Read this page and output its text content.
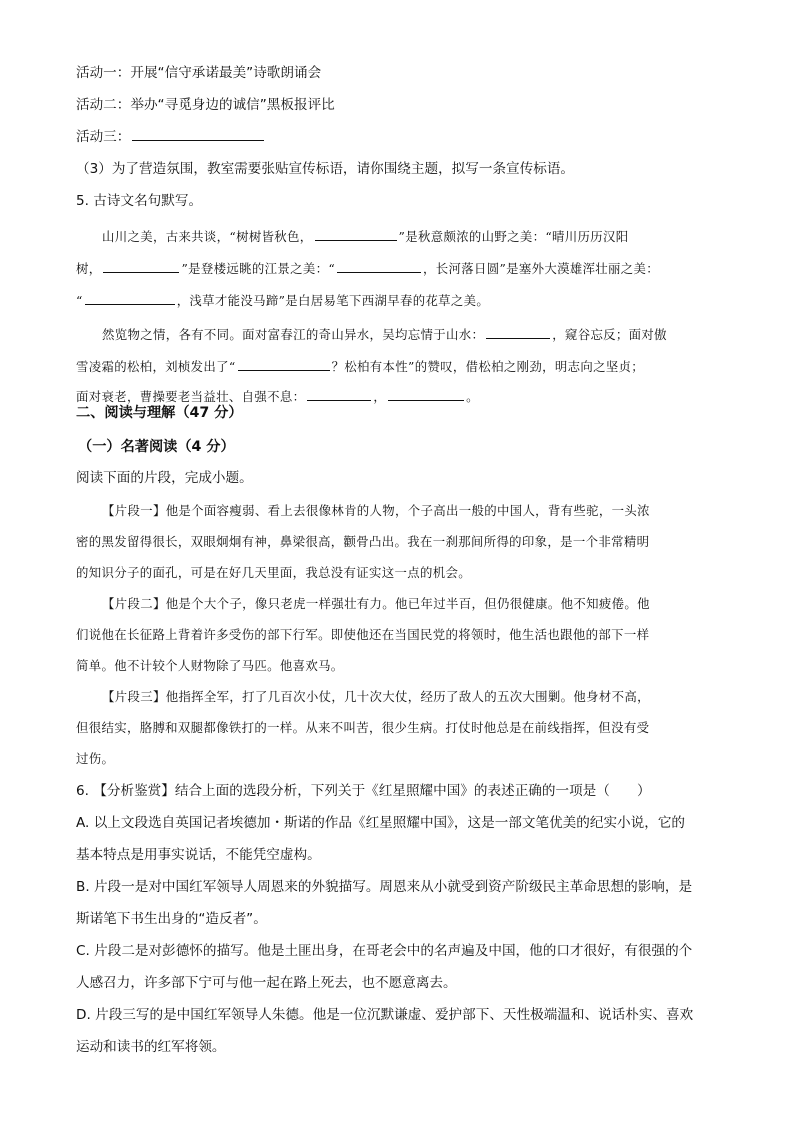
活动一：开展“信守承诺最美”诗歌朗诵会
活动二：举办“寻觅身边的诚信”黑板报评比
活动三：
（3）为了营造氛围，教室需要张贴宣传标语，请你围绕主题，拟写一条宣传标语。
5. 古诗文名句默写。
山川之美，古来共谈，“树树皆秋色，	”是秋意颇浓的山野之美：“晴川历历汉阳
树，	”是登楼远眺的江景之美：“	，长河落日圆”是塞外大漠雄浑壮丽之美：
“	，浅草才能没马蹄”是白居易笔下西湖早春的花草之美。
然览物之情，各有不同。面对富春江的奇山异水，吴均忘情于山水：	，窥谷忘反；面对傲
雪凌霜的松柏，刘桢发出了“	？松柏有本性”的赞叹，借松柏之刚劲，明志向之坚贞；
面对衰老，曹操要老当益壮、自强不息：	，	。
二、阅读与理解（47 分）
（一）名著阅读（4 分）
阅读下面的片段，完成小题。
【片段一】他是个面容瘦弱、看上去很像林肯的人物，个子高出一般的中国人，背有些驼，一头浓
密的黑发留得很长，双眼炯炯有神，鼻梁很高，颧骨凸出。我在一刹那间所得的印象，是一个非常精明
的知识分子的面孔，可是在好几天里面，我总没有证实这一点的机会。
【片段二】他是个大个子，像只老虎一样强壮有力。他已年过半百，但仍很健康。他不知疲倦。他
们说他在长征路上背着许多受伤的部下行军。即使他还在当国民党的将领时，他生活也跟他的部下一样
简单。他不计较个人财物除了马匹。他喜欢马。
【片段三】他指挥全军，打了几百次小仗，几十次大仗，经历了敌人的五次大围剿。他身材不高，
但很结实，胳膊和双腿都像铁打的一样。从来不叫苦，很少生病。打仗时他总是在前线指挥，但没有受
过伤。
6. 【分析鉴赏】结合上面的选段分析，下列关于《红星照耀中国》的表述正确的一项是（　　）
A. 以上文段选自英国记者埃德加・斯诺的作品《红星照耀中国》，这是一部文笔优美的纪实小说，它的
基本特点是用事实说话，不能凭空虚构。
B. 片段一是对中国红军领导人周恩来的外貌描写。周恩来从小就受到资产阶级民主革命思想的影响，是
斯诺笔下书生出身的“造反者”。
C. 片段二是对彭德怀的描写。他是土匪出身，在哥老会中的名声遍及中国，他的口才很好，有很强的个
人感召力，许多部下宁可与他一起在路上死去，也不愿意离去。
D. 片段三写的是中国红军领导人朱德。他是一位沉默谦虚、爱护部下、天性极端温和、说话朴实、喜欢
运动和读书的红军将领。
